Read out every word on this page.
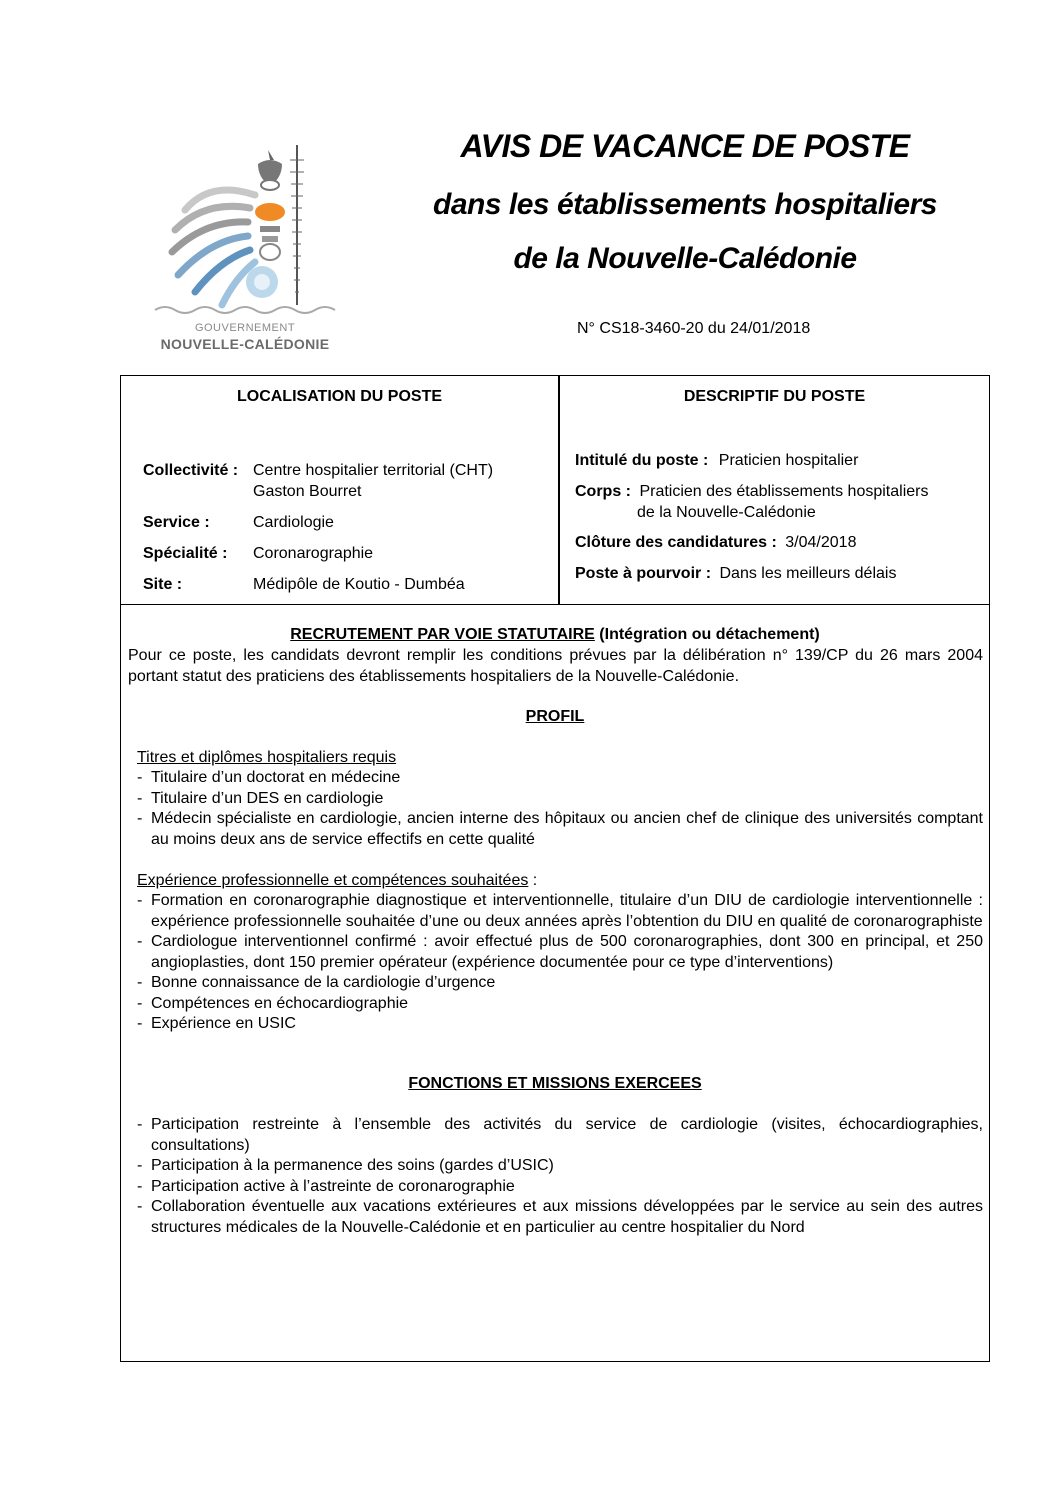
GOUVERNEMENT
NOUVELLE-CALÉDONIE
AVIS DE VACANCE DE POSTE
dans les établissements hospitaliers
de la Nouvelle-Calédonie
N° CS18-3460-20 du 24/01/2018
LOCALISATION DU POSTE
Collectivité : Centre hospitalier territorial (CHT)
Gaston Bourret
Service :	Cardiologie
Spécialité : Coronarographie
Site :	Médipôle de Koutio - Dumbéa
DESCRIPTIF DU POSTE
Intitulé du poste : Praticien hospitalier
Corps : Praticien des établissements hospitaliers
de la Nouvelle-Calédonie
Clôture des candidatures : 3/04/2018
Poste à pourvoir : Dans les meilleurs délais
RECRUTEMENT PAR VOIE STATUTAIRE (Intégration ou détachement)
Pour ce poste, les candidats devront remplir les conditions prévues par la délibération n° 139/CP du 26 mars 2004 portant statut des praticiens des établissements hospitaliers de la Nouvelle-Calédonie.
PROFIL
Titres et diplômes hospitaliers requis
- Titulaire d’un doctorat en médecine
- Titulaire d’un DES en cardiologie
- Médecin spécialiste en cardiologie, ancien interne des hôpitaux ou ancien chef de clinique des universités comptant au moins deux ans de service effectifs en cette qualité
Expérience professionnelle et compétences souhaitées :
- Formation en coronarographie diagnostique et interventionnelle, titulaire d’un DIU de cardiologie interventionnelle : expérience professionnelle souhaitée d’une ou deux années après l’obtention du DIU en qualité de coronarographiste
- Cardiologue interventionnel confirmé : avoir effectué plus de 500 coronarographies, dont 300 en principal, et 250 angioplasties, dont 150 premier opérateur (expérience documentée pour ce type d’interventions)
- Bonne connaissance de la cardiologie d’urgence
- Compétences en échocardiographie
- Expérience en USIC
FONCTIONS ET MISSIONS EXERCEES
- Participation restreinte à l’ensemble des activités du service de cardiologie (visites, échocardiographies, consultations)
- Participation à la permanence des soins (gardes d’USIC)
- Participation active à l’astreinte de coronarographie
- Collaboration éventuelle aux vacations extérieures et aux missions développées par le service au sein des autres structures médicales de la Nouvelle-Calédonie et en particulier au centre hospitalier du Nord
